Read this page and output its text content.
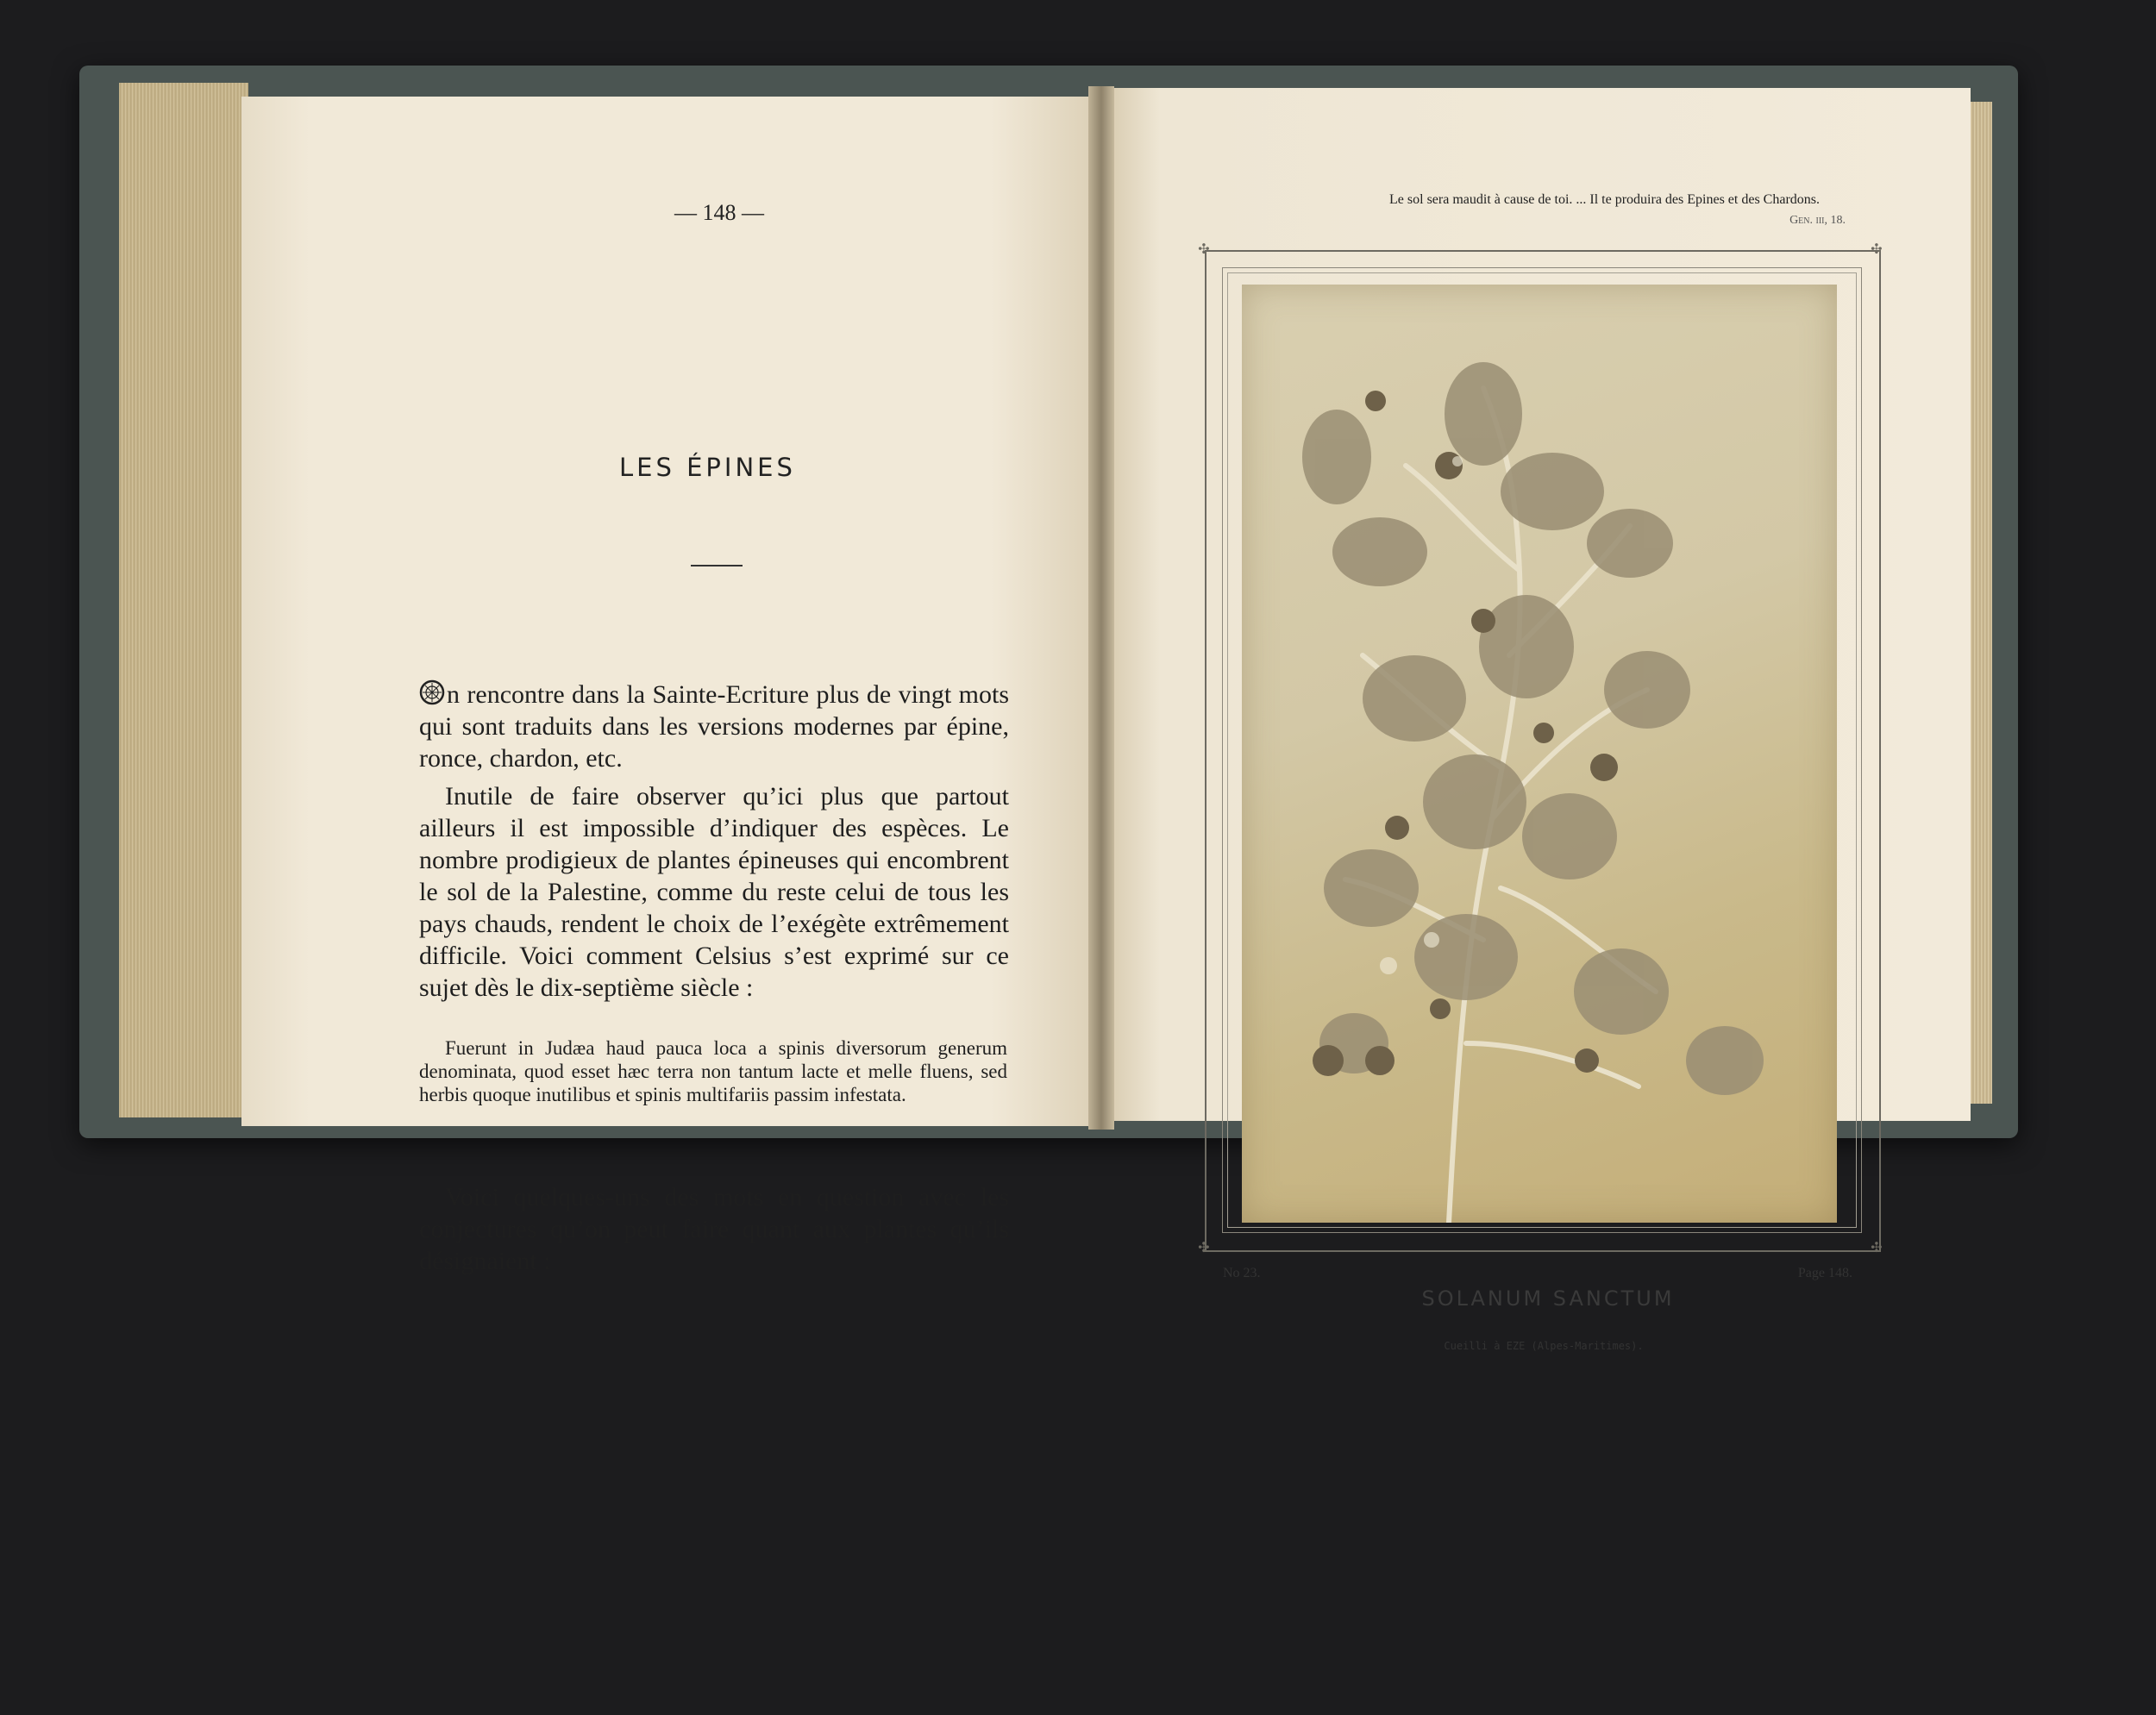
— 148 —
LES ÉPINES
n rencontre dans la Sainte-Ecriture plus de vingt mots qui sont traduits dans les versions modernes par épine, ronce, chardon, etc.
Inutile de faire observer qu’ici plus que partout ailleurs il est impossible d’indiquer des espèces. Le nombre prodigieux de plantes épineuses qui encombrent le sol de la Palestine, comme du reste celui de tous les pays chauds, rendent le choix de l’exégète extrêmement difficile. Voici comment Celsius s’est exprimé sur ce sujet dès le dix-septième siècle :
Fuerunt in Judæa haud pauca loca a spinis diversorum generum denominata, quod esset hæc terra non tantum lacte et melle fluens, sed herbis quoque inutilibus et spinis multifariis passim infestata.
Voici quelques-uns des mots en question avec les conjectures qu’on peut faire quant aux plantes qu’ils désignaient :
Le sol sera maudit à cause de toi. ... Il te produira des Epines et des Chardons.
Gen. iii, 18.
✣	✣
✣	✣
No 23.	Page 148.
SOLANUM SANCTUM
Cueilli à EZE (Alpes-Maritimes).
